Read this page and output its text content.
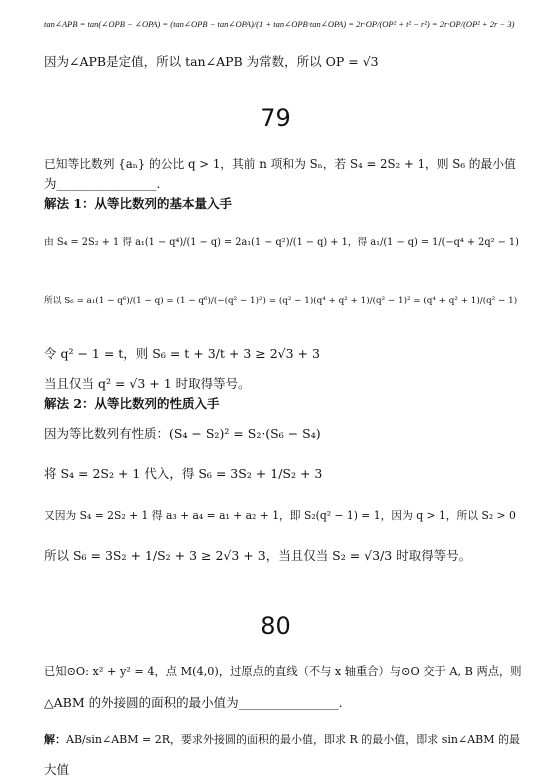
tan∠APB = tan(∠OPB − ∠OPA) = (tan∠OPB − tan∠OPA)/(1 + tan∠OPB·tan∠OPA) = 2r·OP/(OP² + t² − r²) = 2r·OP/(OP² + 2r − 3)
因为∠APB是定值，所以 tan∠APB 为常数，所以 OP = √3
79
已知等比数列 {aₙ} 的公比 q > 1，其前 n 项和为 Sₙ，若 S₄ = 2S₂ + 1，则 S₆ 的最小值
为________________.
解法 1：从等比数列的基本量入手
由 S₄ = 2S₂ + 1 得 a₁(1 − q⁴)/(1 − q) = 2a₁(1 − q²)/(1 − q) + 1，得 a₁/(1 − q) = 1/(−q⁴ + 2q² − 1)
所以 S₆ = a₁(1 − q⁶)/(1 − q) = (1 − q⁶)/(−(q² − 1)²) = (q² − 1)(q⁴ + q² + 1)/(q² − 1)² = (q⁴ + q² + 1)/(q² − 1)
令 q² − 1 = t，则 S₆ = t + 3/t + 3 ≥ 2√3 + 3
当且仅当 q² = √3 + 1 时取得等号。
解法 2：从等比数列的性质入手
因为等比数列有性质：(S₄ − S₂)² = S₂·(S₆ − S₄)
将 S₄ = 2S₂ + 1 代入，得 S₆ = 3S₂ + 1/S₂ + 3
又因为 S₄ = 2S₂ + 1 得 a₃ + a₄ = a₁ + a₂ + 1，即 S₂(q² − 1) = 1，因为 q > 1，所以 S₂ > 0
所以 S₆ = 3S₂ + 1/S₂ + 3 ≥ 2√3 + 3，当且仅当 S₂ = √3/3 时取得等号。
80
已知⊙O: x² + y² = 4，点 M(4,0)，过原点的直线（不与 x 轴重合）与⊙O 交于 A, B 两点，则
△ABM 的外接圆的面积的最小值为________________.
解：AB/sin∠ABM = 2R，要求外接圆的面积的最小值，即求 R 的最小值，即求 sin∠ABM 的最
大值
